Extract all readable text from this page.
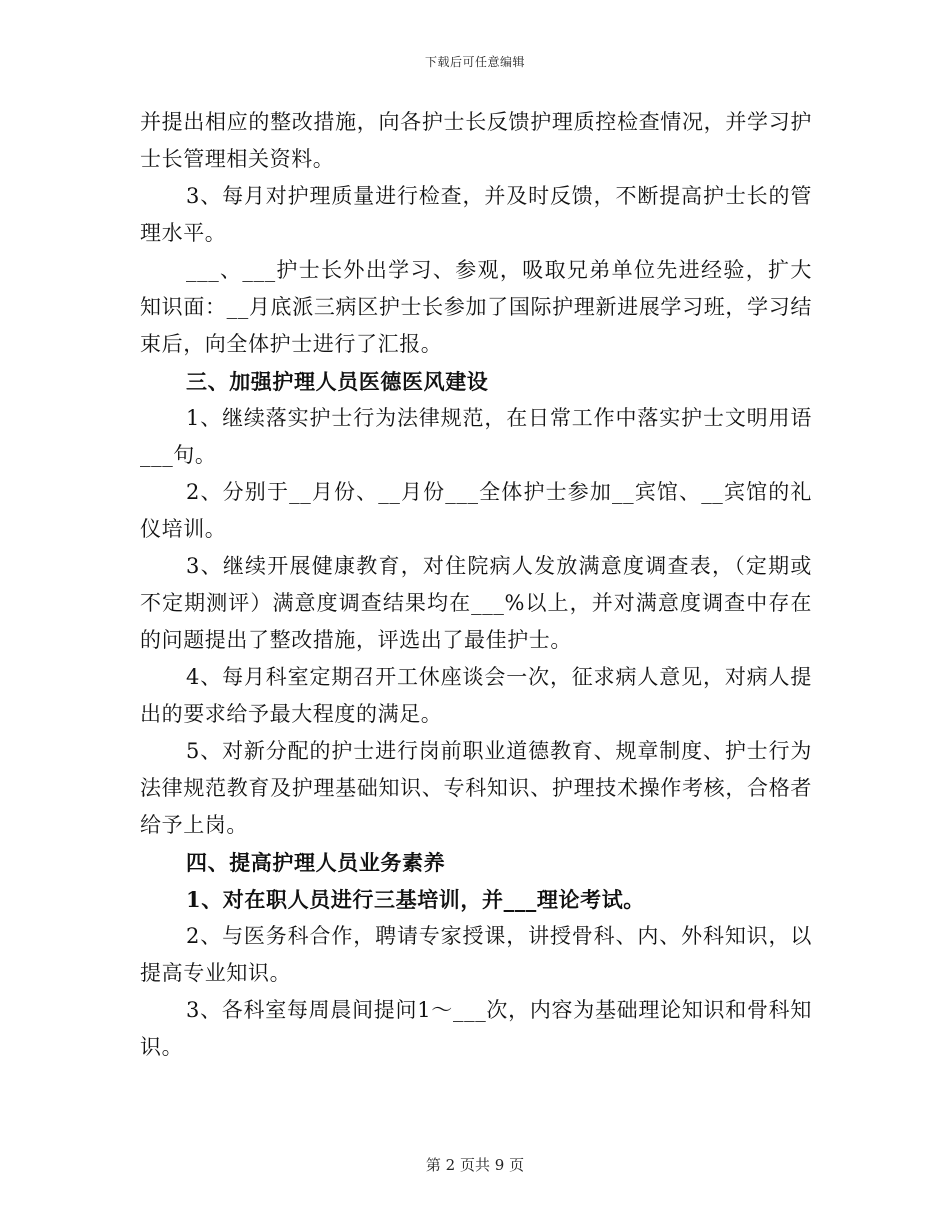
下载后可任意编辑

并提出相应的整改措施，向各护士长反馈护理质控检查情况，并学习护士长管理相关资料。

3、每月对护理质量进行检查，并及时反馈，不断提高护士长的管理水平。

___、___护士长外出学习、参观，吸取兄弟单位先进经验，扩大知识面：__月底派三病区护士长参加了国际护理新进展学习班，学习结束后，向全体护士进行了汇报。

三、加强护理人员医德医风建设

1、继续落实护士行为法律规范，在日常工作中落实护士文明用语___句。

2、分别于__月份、__月份___全体护士参加__宾馆、__宾馆的礼仪培训。

3、继续开展健康教育，对住院病人发放满意度调查表，（定期或不定期测评）满意度调查结果均在___%以上，并对满意度调查中存在的问题提出了整改措施，评选出了最佳护士。

4、每月科室定期召开工休座谈会一次，征求病人意见，对病人提出的要求给予最大程度的满足。

5、对新分配的护士进行岗前职业道德教育、规章制度、护士行为法律规范教育及护理基础知识、专科知识、护理技术操作考核，合格者给予上岗。

四、提高护理人员业务素养

1、对在职人员进行三基培训，并___理论考试。

2、与医务科合作，聘请专家授课，讲授骨科、内、外科知识，以提高专业知识。

3、各科室每周晨间提问1～___次，内容为基础理论知识和骨科知识。

第 2 页共 9 页
